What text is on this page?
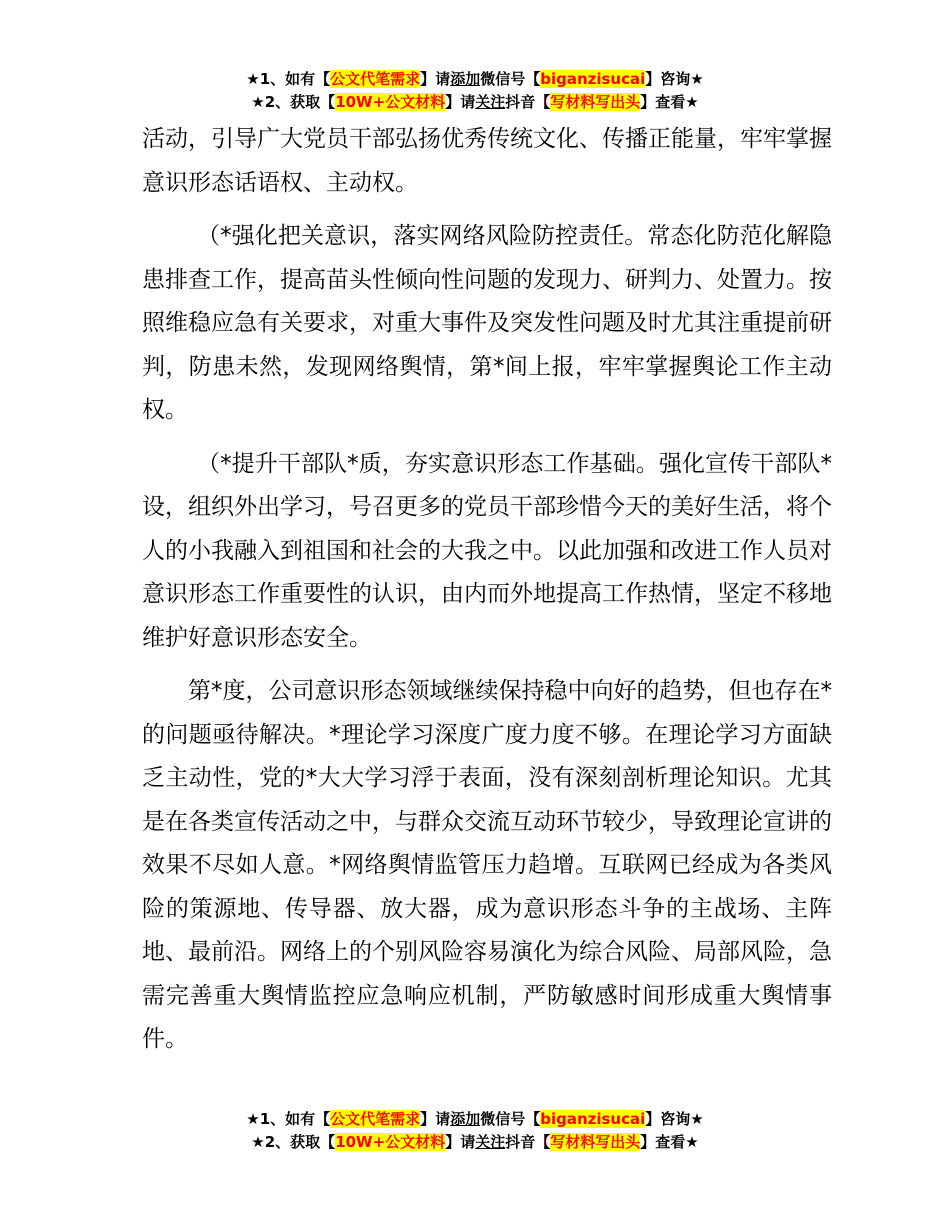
★1、如有【公文代笔需求】请添加微信号【biganzisucai】咨询★
★2、获取【10W+公文材料】请关注抖音【写材料写出头】查看★

活动，引导广大党员干部弘扬优秀传统文化、传播正能量，牢牢掌握意识形态话语权、主动权。

（*强化把关意识，落实网络风险防控责任。常态化防范化解隐患排查工作，提高苗头性倾向性问题的发现力、研判力、处置力。按照维稳应急有关要求，对重大事件及突发性问题及时尤其注重提前研判，防患未然，发现网络舆情，第*间上报，牢牢掌握舆论工作主动权。

（*提升干部队*质，夯实意识形态工作基础。强化宣传干部队*设，组织外出学习，号召更多的党员干部珍惜今天的美好生活，将个人的小我融入到祖国和社会的大我之中。以此加强和改进工作人员对意识形态工作重要性的认识，由内而外地提高工作热情，坚定不移地维护好意识形态安全。

第*度，公司意识形态领域继续保持稳中向好的趋势，但也存在*的问题亟待解决。*理论学习深度广度力度不够。在理论学习方面缺乏主动性，党的*大大学习浮于表面，没有深刻剖析理论知识。尤其是在各类宣传活动之中，与群众交流互动环节较少，导致理论宣讲的效果不尽如人意。*网络舆情监管压力趋增。互联网已经成为各类风险的策源地、传导器、放大器，成为意识形态斗争的主战场、主阵地、最前沿。网络上的个别风险容易演化为综合风险、局部风险，急需完善重大舆情监控应急响应机制，严防敏感时间形成重大舆情事件。

★1、如有【公文代笔需求】请添加微信号【biganzisucai】咨询★
★2、获取【10W+公文材料】请关注抖音【写材料写出头】查看★
